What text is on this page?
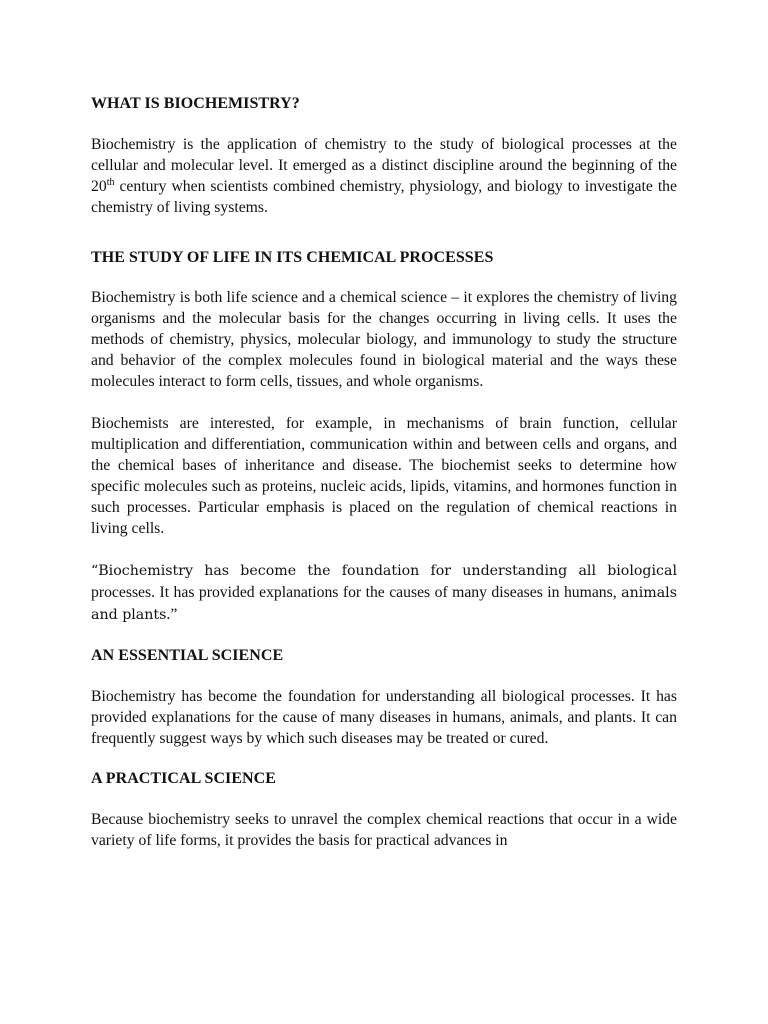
WHAT IS BIOCHEMISTRY?

Biochemistry is the application of chemistry to the study of biological processes at the cellular and molecular level. It emerged as a distinct discipline around the beginning of the 20th century when scientists combined chemistry, physiology, and biology to investigate the chemistry of living systems.

THE STUDY OF LIFE IN ITS CHEMICAL PROCESSES

Biochemistry is both life science and a chemical science – it explores the chemistry of living organisms and the molecular basis for the changes occurring in living cells. It uses the methods of chemistry, physics, molecular biology, and immunology to study the structure and behavior of the complex molecules found in biological material and the ways these molecules interact to form cells, tissues, and whole organisms.

Biochemists are interested, for example, in mechanisms of brain function, cellular multiplication and differentiation, communication within and between cells and organs, and the chemical bases of inheritance and disease. The biochemist seeks to determine how specific molecules such as proteins, nucleic acids, lipids, vitamins, and hormones function in such processes. Particular emphasis is placed on the regulation of chemical reactions in living cells.

“Biochemistry has become the foundation for understanding all biological processes. It has provided explanations for the causes of many diseases in humans, animals and plants.”

AN ESSENTIAL SCIENCE

Biochemistry has become the foundation for understanding all biological processes. It has provided explanations for the cause of many diseases in humans, animals, and plants. It can frequently suggest ways by which such diseases may be treated or cured.

A PRACTICAL SCIENCE

Because biochemistry seeks to unravel the complex chemical reactions that occur in a wide variety of life forms, it provides the basis for practical advances in
